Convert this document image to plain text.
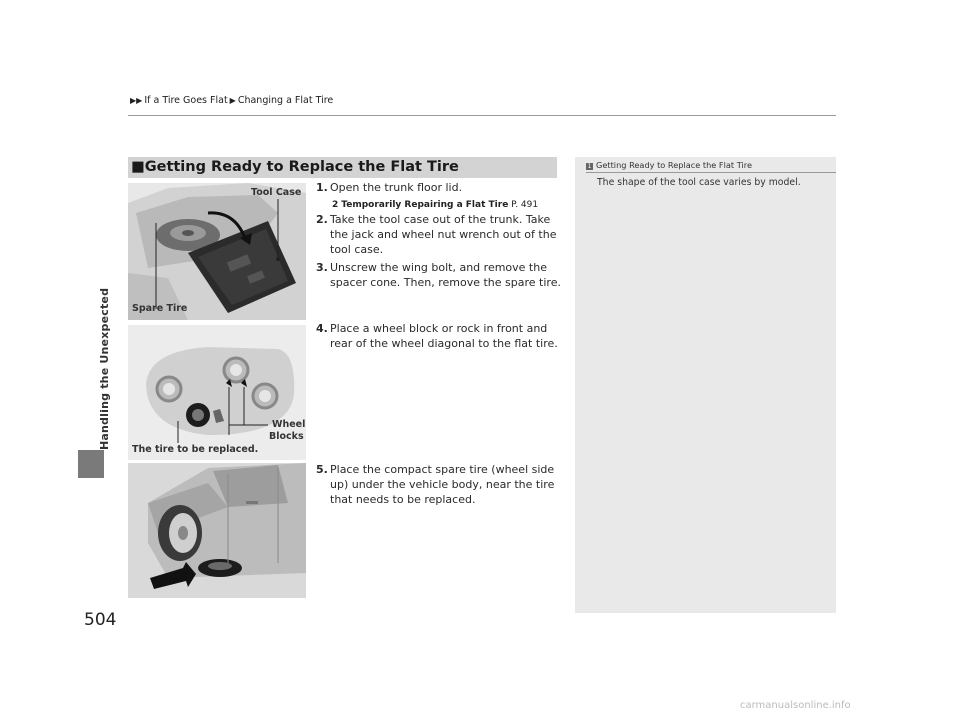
▶▶ If a Tire Goes Flat ▶ Changing a Flat Tire
Handling the Unexpected
504
■Getting Ready to Replace the Flat Tire	1 Getting Ready to Replace the Flat Tire
The shape of the tool case varies by model.
Tool Case
Spare Tire
Wheel
Blocks
The tire to be replaced.
1. Open the trunk floor lid.
2 Temporarily Repairing a Flat Tire P. 491
2. Take the tool case out of the trunk. Take the jack and wheel nut wrench out of the tool case.
3. Unscrew the wing bolt, and remove the spacer cone. Then, remove the spare tire.
4. Place a wheel block or rock in front and rear of the wheel diagonal to the flat tire.
5. Place the compact spare tire (wheel side up) under the vehicle body, near the tire that needs to be replaced.
carmanualsonline.info
